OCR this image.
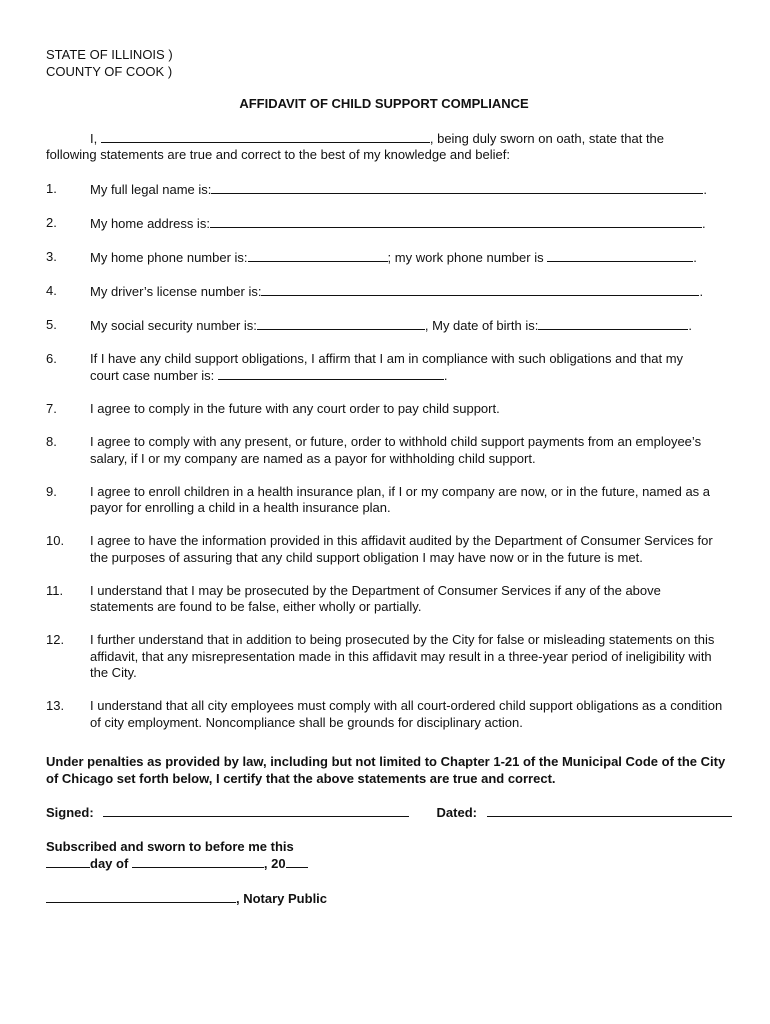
STATE OF ILLINOIS )
COUNTY OF COOK )
AFFIDAVIT OF CHILD SUPPORT COMPLIANCE
I,	, being duly sworn on oath, state that the
following statements are true and correct to the best of my knowledge and belief:
1.	My full legal name is:	.
2.	My home address is:	.
3.	My home phone number is:	; my work phone number is	.
4.	My driver’s license number is:	.
5.	My social security number is:	, My date of birth is:	.
6.	If I have any child support obligations, I affirm that I am in compliance with such obligations and that my
court case number is:	.
7.	I agree to comply in the future with any court order to pay child support.
8.	I agree to comply with any present, or future, order to withhold child support payments from an employee’s salary, if I or my company are named as a payor for withholding child support.
9.	I agree to enroll children in a health insurance plan, if I or my company are now, or in the future, named as a payor for enrolling a child in a health insurance plan.
10.	I agree to have the information provided in this affidavit audited by the Department of Consumer Services for the purposes of assuring that any child support obligation I may have now or in the future is met.
11.	I understand that I may be prosecuted by the Department of Consumer Services if any of the above statements are found to be false, either wholly or partially.
12.	I further understand that in addition to being prosecuted by the City for false or misleading statements on this affidavit, that any misrepresentation made in this affidavit may result in a three-year period of ineligibility with the City.
13.	I understand that all city employees must comply with all court-ordered child support obligations as a condition of city employment. Noncompliance shall be grounds for disciplinary action.
Under penalties as provided by law, including but not limited to Chapter 1-21 of the Municipal Code of the City of Chicago set forth below, I certify that the above statements are true and correct.
Signed:	Dated:
Subscribed and sworn to before me this
day of	, 20
, Notary Public
